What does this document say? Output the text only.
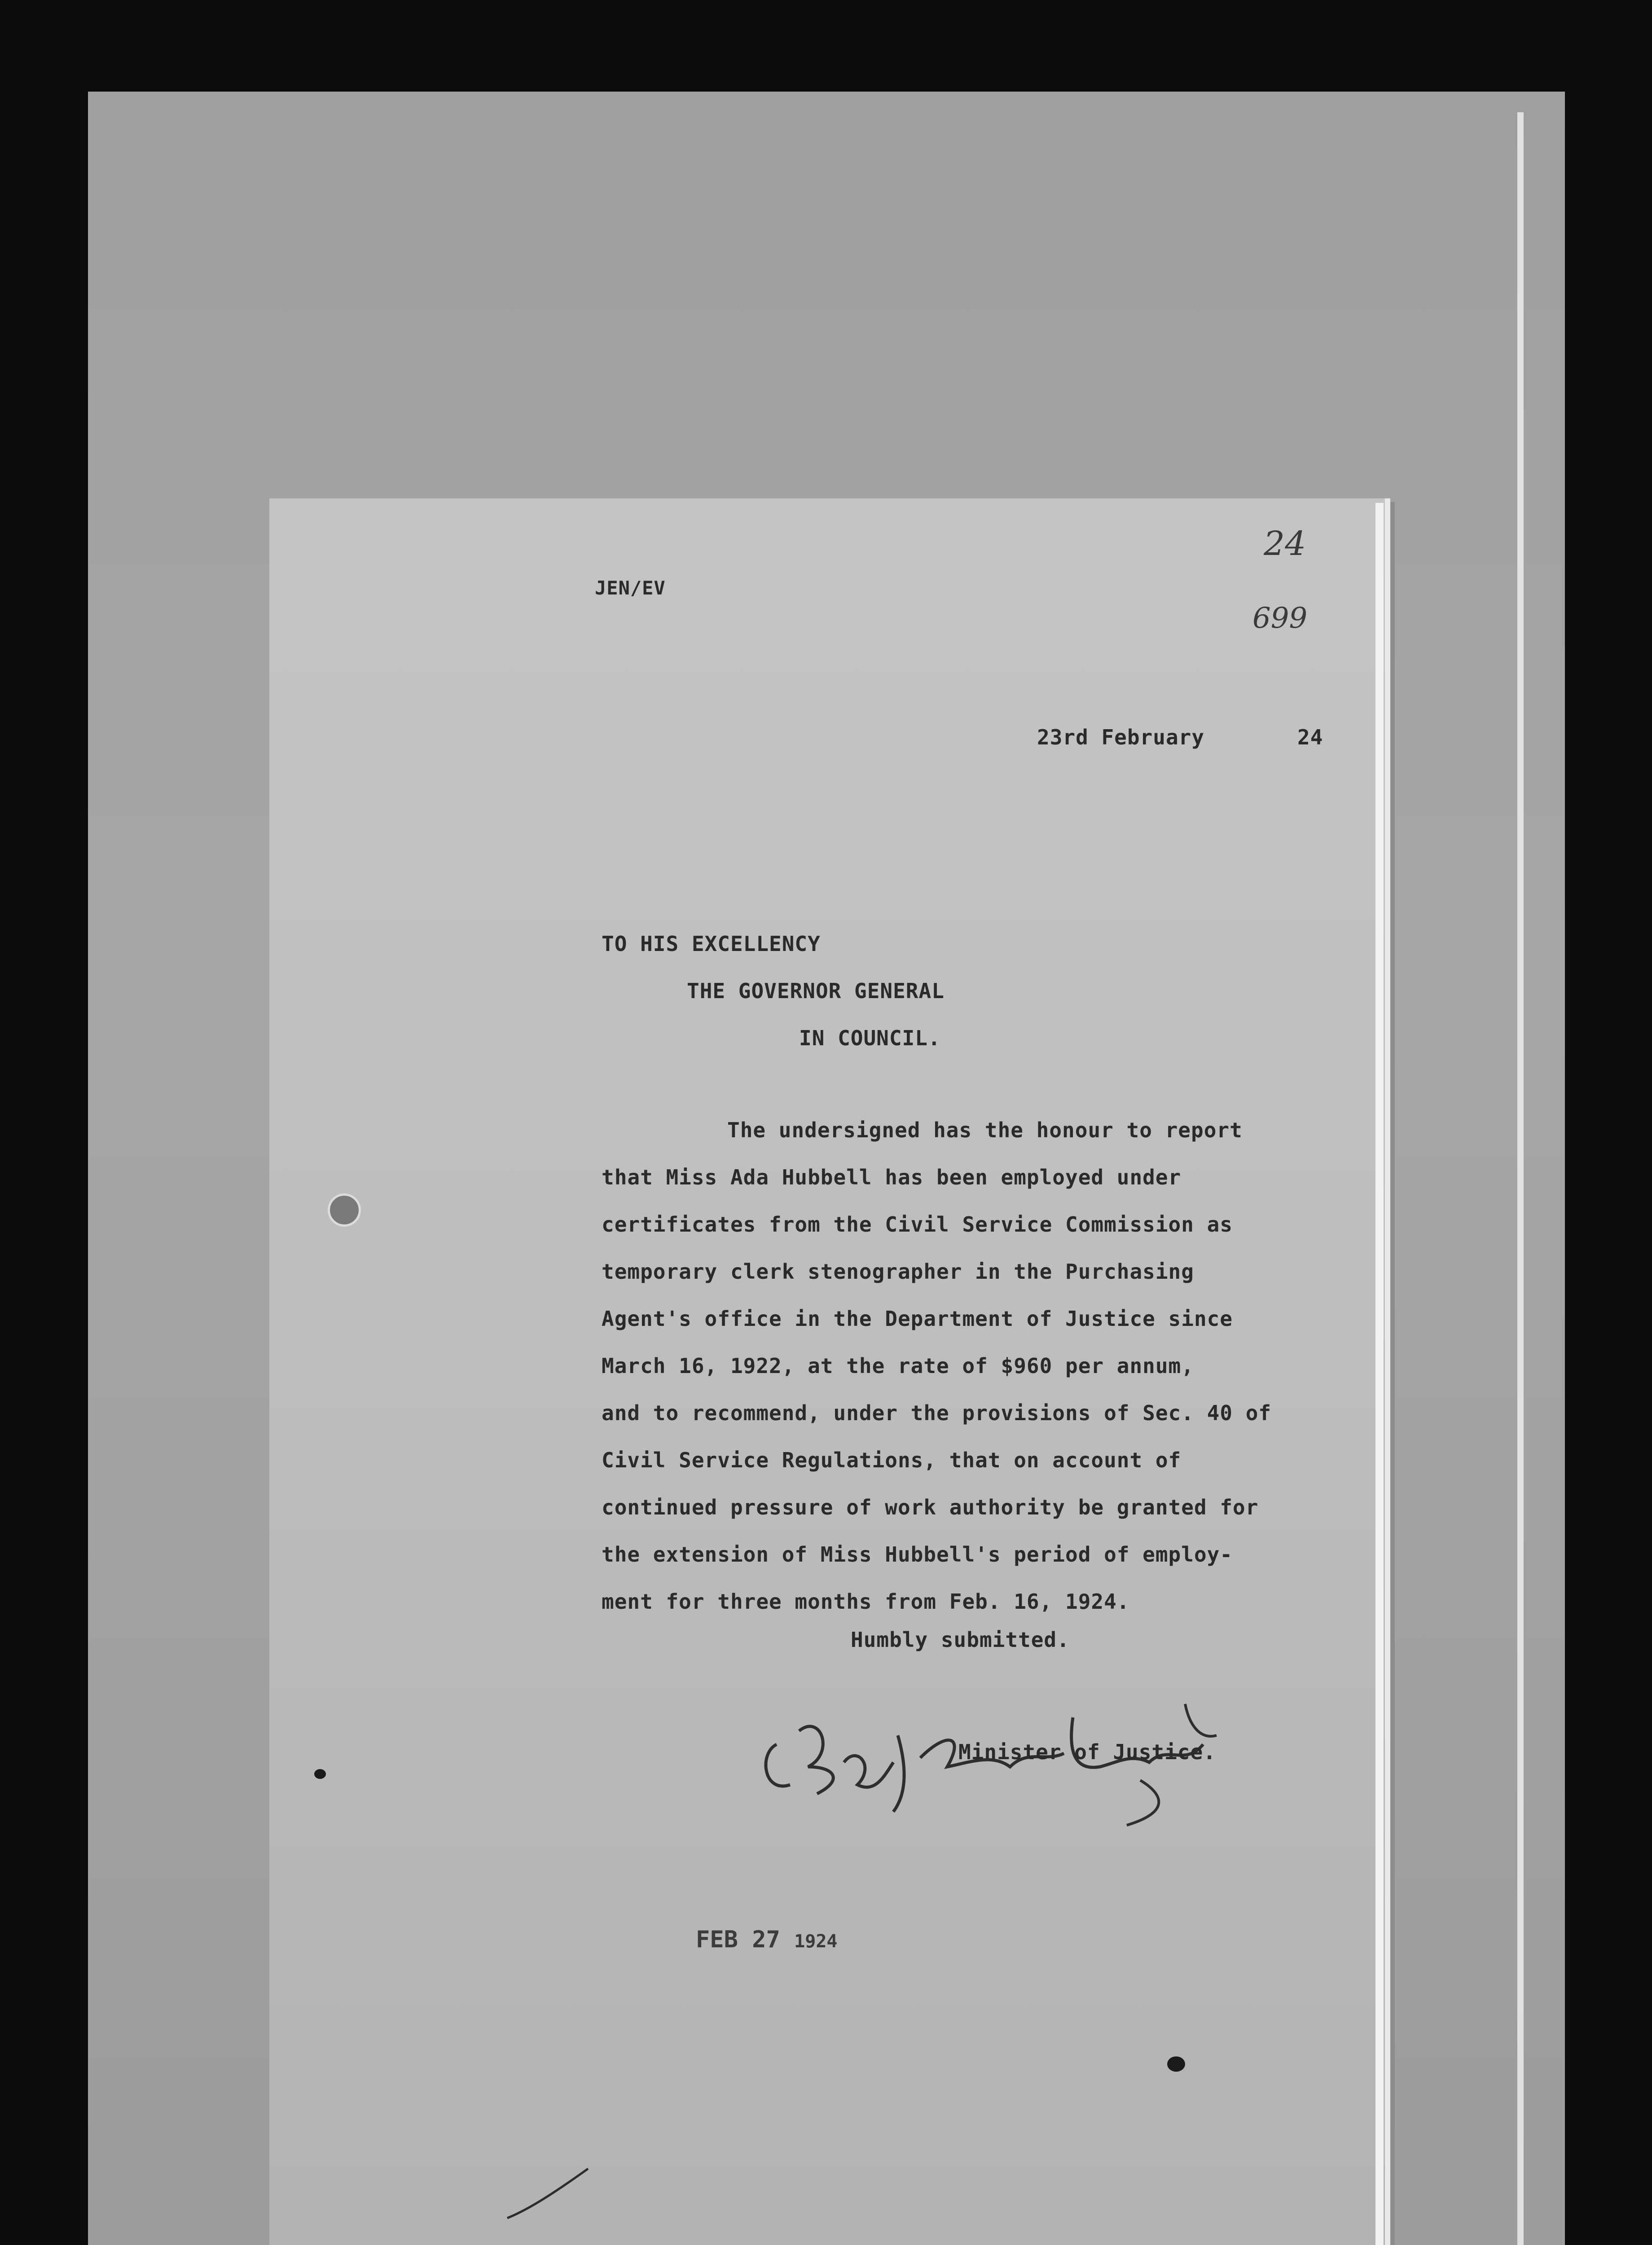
JEN/EV
24
699
23rd February	24
TO HIS EXCELLENCY
THE GOVERNOR GENERAL
IN COUNCIL.
The undersigned has the honour to report
that Miss Ada Hubbell has been employed under
certificates from the Civil Service Commission as
temporary clerk stenographer in the Purchasing
Agent's office in the Department of Justice since
March 16, 1922, at the rate of $960 per annum,
and to recommend, under the provisions of Sec. 40 of
Civil Service Regulations, that on account of
continued pressure of work authority be granted for
the extension of Miss Hubbell's period of employ-
ment for three months from Feb. 16, 1924.
Humbly submitted.
Minister of Justice.
FEB 27 1924
